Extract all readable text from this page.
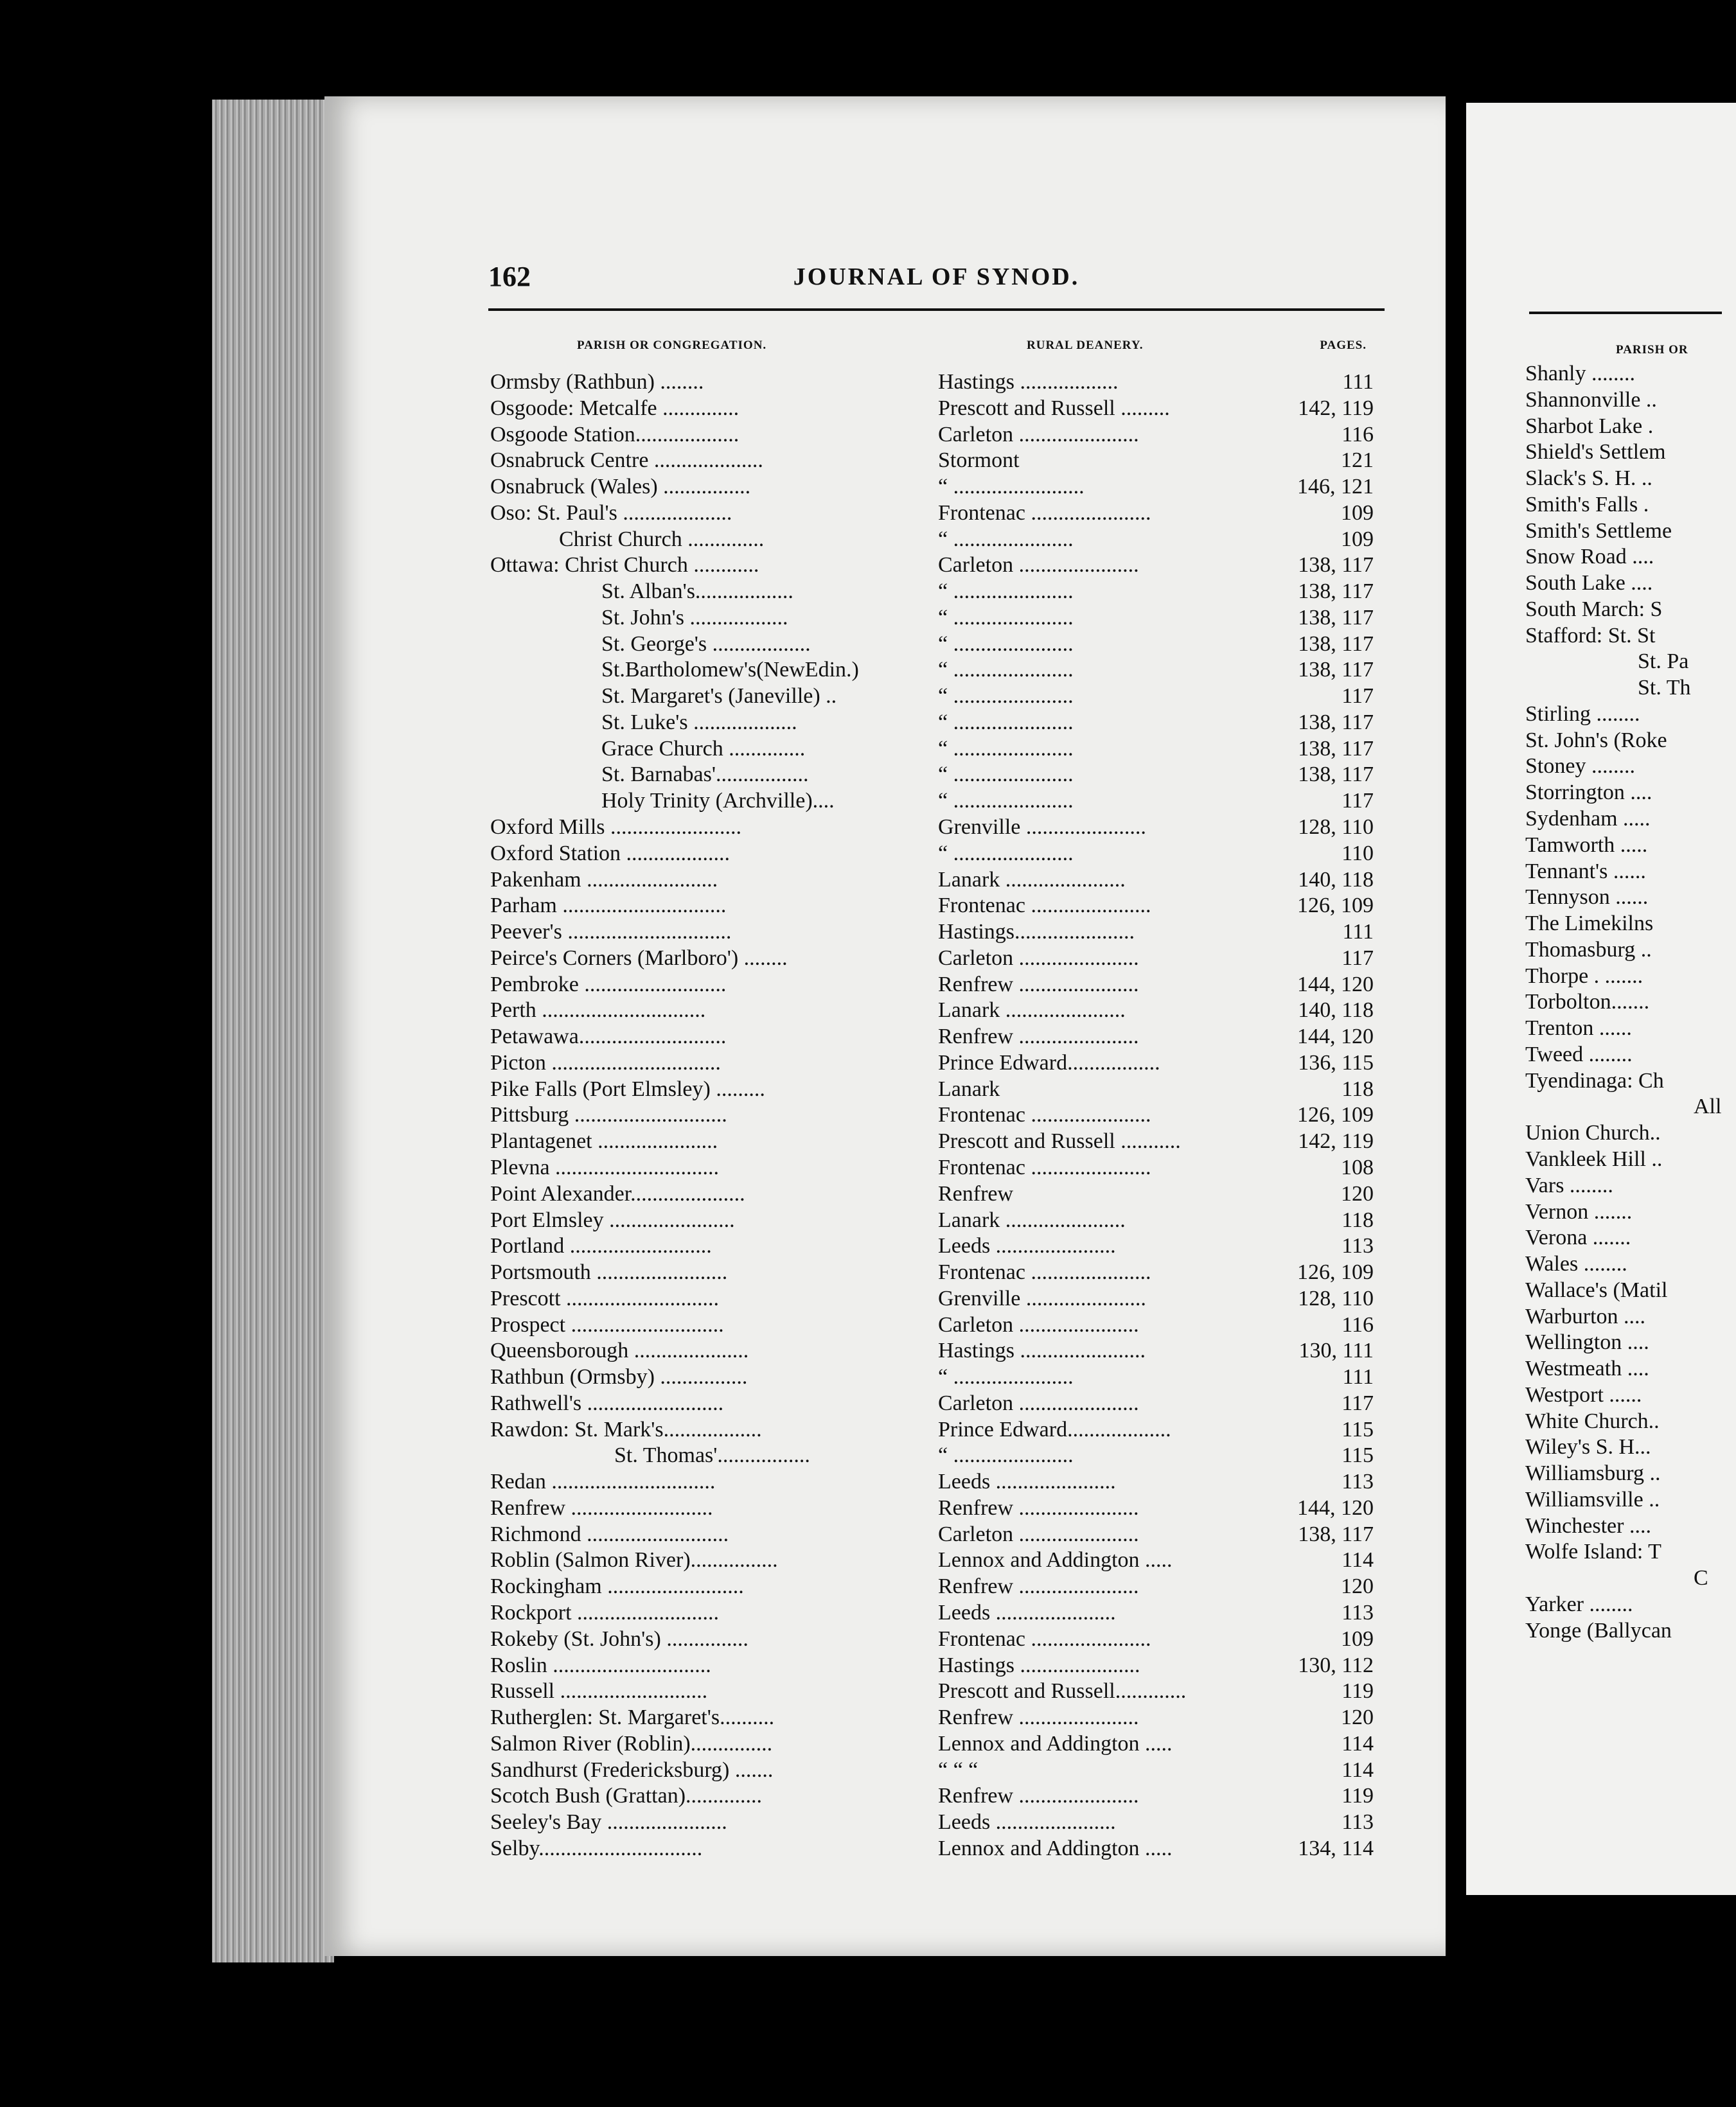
162	JOURNAL OF SYNOD.
PARISH OR CONGREGATION.	RURAL DEANERY.	PAGES.
Ormsby (Rathbun) ........	Hastings ..................	111
Osgoode: Metcalfe ..............	Prescott and Russell .........	142, 119
Osgoode Station...................	Carleton ......................	116
Osnabruck Centre ....................	Stormont	121
Osnabruck (Wales) ................	“ ........................	146, 121
Oso: St. Paul's ....................	Frontenac ......................	109
Christ Church ..............	“ ......................	109
Ottawa: Christ Church ............	Carleton ......................	138, 117
St. Alban's..................	“ ......................	138, 117
St. John's ..................	“ ......................	138, 117
St. George's ..................	“ ......................	138, 117
St.Bartholomew's(NewEdin.)	“ ......................	138, 117
St. Margaret's (Janeville) ..	“ ......................	117
St. Luke's ...................	“ ......................	138, 117
Grace Church ..............	“ ......................	138, 117
St. Barnabas'.................	“ ......................	138, 117
Holy Trinity (Archville)....	“ ......................	117
Oxford Mills ........................	Grenville ......................	128, 110
Oxford Station ...................	“ ......................	110
Pakenham ........................	Lanark ......................	140, 118
Parham ..............................	Frontenac ......................	126, 109
Peever's ..............................	Hastings......................	111
Peirce's Corners (Marlboro') ........	Carleton ......................	117
Pembroke ..........................	Renfrew ......................	144, 120
Perth ..............................	Lanark ......................	140, 118
Petawawa...........................	Renfrew ......................	144, 120
Picton ...............................	Prince Edward.................	136, 115
Pike Falls (Port Elmsley) .........	Lanark	118
Pittsburg ............................	Frontenac ......................	126, 109
Plantagenet ......................	Prescott and Russell ...........	142, 119
Plevna ..............................	Frontenac ......................	108
Point Alexander.....................	Renfrew	120
Port Elmsley .......................	Lanark ......................	118
Portland ..........................	Leeds ......................	113
Portsmouth ........................	Frontenac ......................	126, 109
Prescott ............................	Grenville ......................	128, 110
Prospect ............................	Carleton ......................	116
Queensborough .....................	Hastings .......................	130, 111
Rathbun (Ormsby) ................	“ ......................	111
Rathwell's .........................	Carleton ......................	117
Rawdon: St. Mark's..................	Prince Edward...................	115
St. Thomas'.................	“ ......................	115
Redan ..............................	Leeds ......................	113
Renfrew ..........................	Renfrew ......................	144, 120
Richmond ..........................	Carleton ......................	138, 117
Roblin (Salmon River)................	Lennox and Addington .....	114
Rockingham .........................	Renfrew ......................	120
Rockport ..........................	Leeds ......................	113
Rokeby (St. John's) ...............	Frontenac ......................	109
Roslin .............................	Hastings ......................	130, 112
Russell ...........................	Prescott and Russell.............	119
Rutherglen: St. Margaret's..........	Renfrew ......................	120
Salmon River (Roblin)...............	Lennox and Addington .....	114
Sandhurst (Fredericksburg) .......	“ “ “	114
Scotch Bush (Grattan)..............	Renfrew ......................	119
Seeley's Bay ......................	Leeds ......................	113
Selby..............................	Lennox and Addington .....	134, 114
PARISH OR
Shanly ........
Shannonville ..
Sharbot Lake .
Shield's Settlem
Slack's S. H. ..
Smith's Falls .
Smith's Settleme
Snow Road ....
South Lake ....
South March: S
Stafford: St. St
St. Pa
St. Th
Stirling ........
St. John's (Roke
Stoney ........
Storrington ....
Sydenham .....
Tamworth .....
Tennant's ......
Tennyson ......
The Limekilns
Thomasburg ..
Thorpe . .......
Torbolton.......
Trenton ......
Tweed ........
Tyendinaga: Ch
All
Union Church..
Vankleek Hill ..
Vars ........
Vernon .......
Verona .......
Wales ........
Wallace's (Matil
Warburton ....
Wellington ....
Westmeath ....
Westport ......
White Church..
Wiley's S. H...
Williamsburg ..
Williamsville ..
Winchester ....
Wolfe Island: T
C
Yarker ........
Yonge (Ballycan
